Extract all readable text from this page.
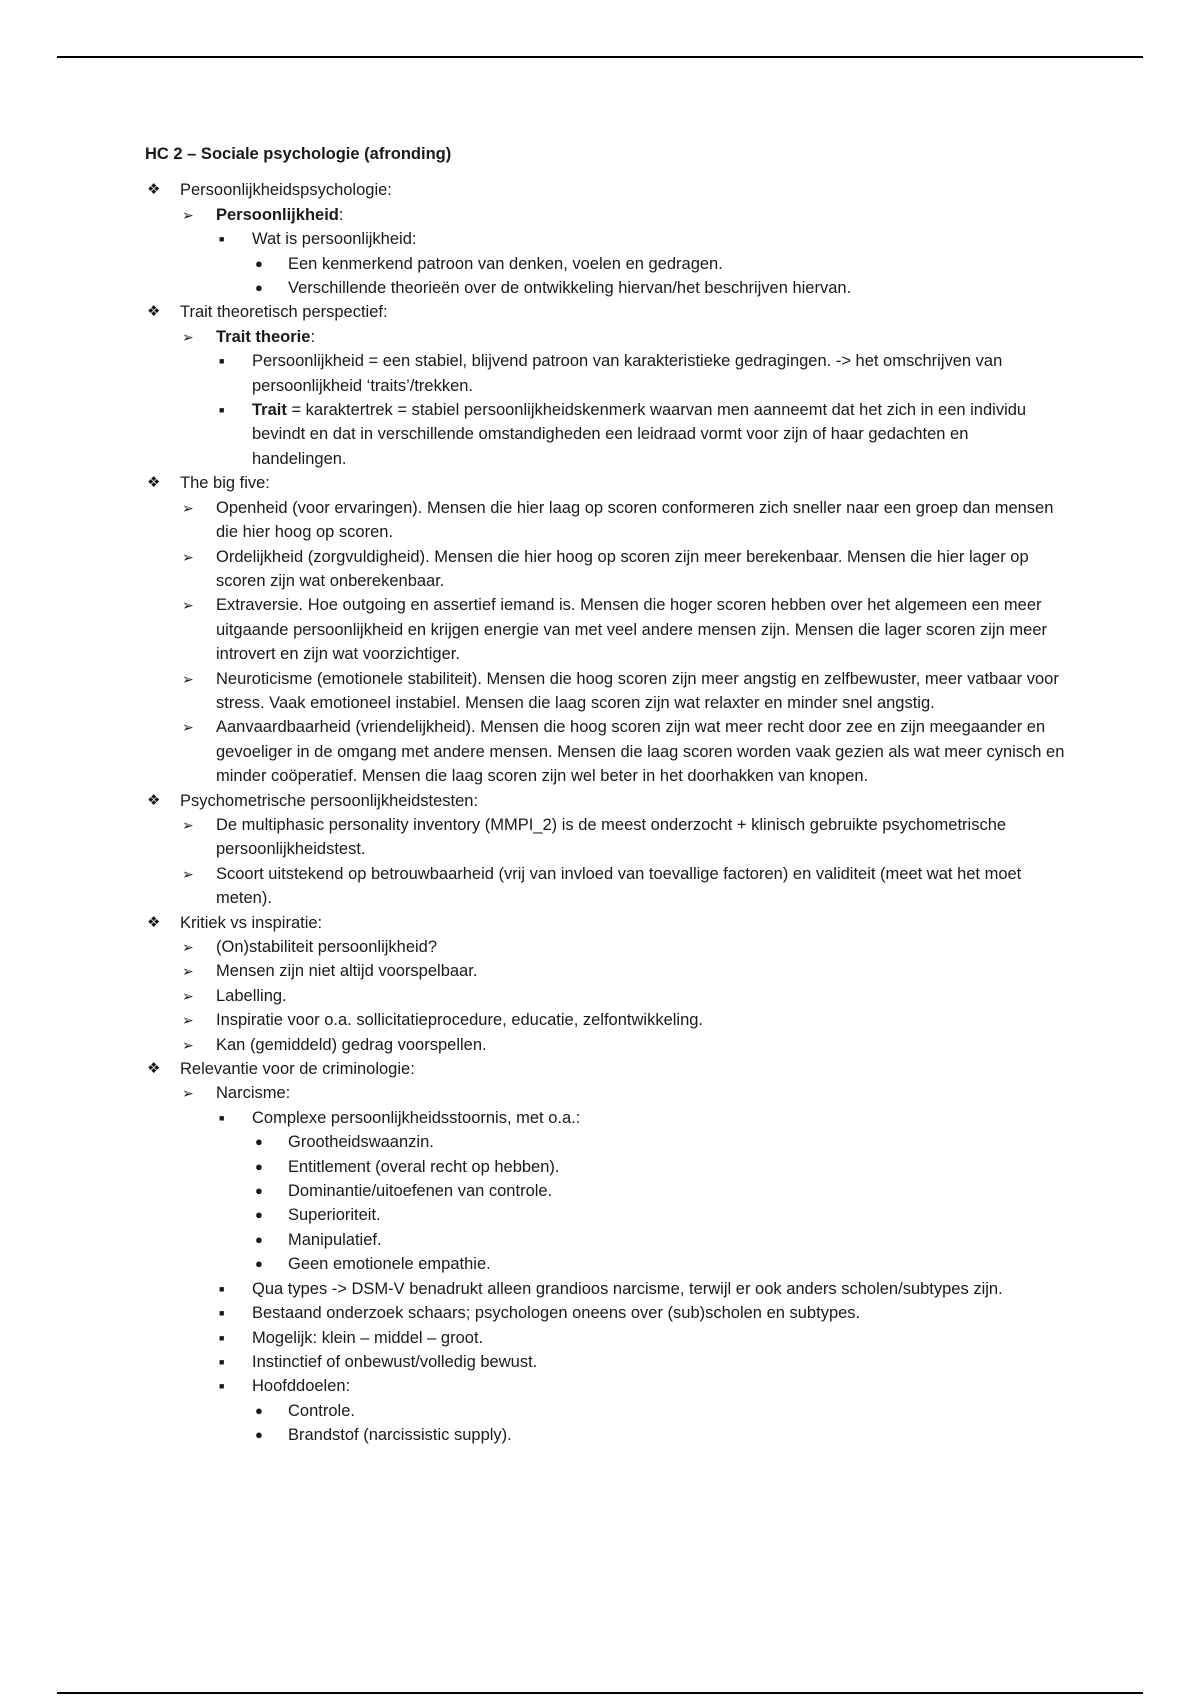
HC 2 – Sociale psychologie (afronding)
❖	Persoonlijkheidspsychologie:
➢	Persoonlijkheid:
■	Wat is persoonlijkheid:
●	Een kenmerkend patroon van denken, voelen en gedragen.
●	Verschillende theorieën over de ontwikkeling hiervan/het beschrijven hiervan.
❖	Trait theoretisch perspectief:
➢	Trait theorie:
■	Persoonlijkheid = een stabiel, blijvend patroon van karakteristieke gedragingen. -> het omschrijven van persoonlijkheid ‘traits’/trekken.
■	Trait = karaktertrek = stabiel persoonlijkheidskenmerk waarvan men aanneemt dat het zich in een individu bevindt en dat in verschillende omstandigheden een leidraad vormt voor zijn of haar gedachten en handelingen.
❖	The big five:
➢	Openheid (voor ervaringen). Mensen die hier laag op scoren conformeren zich sneller naar een groep dan mensen die hier hoog op scoren.
➢	Ordelijkheid (zorgvuldigheid). Mensen die hier hoog op scoren zijn meer berekenbaar. Mensen die hier lager op scoren zijn wat onberekenbaar.
➢	Extraversie. Hoe outgoing en assertief iemand is. Mensen die hoger scoren hebben over het algemeen een meer uitgaande persoonlijkheid en krijgen energie van met veel andere mensen zijn. Mensen die lager scoren zijn meer introvert en zijn wat voorzichtiger.
➢	Neuroticisme (emotionele stabiliteit). Mensen die hoog scoren zijn meer angstig en zelfbewuster, meer vatbaar voor stress. Vaak emotioneel instabiel. Mensen die laag scoren zijn wat relaxter en minder snel angstig.
➢	Aanvaardbaarheid (vriendelijkheid). Mensen die hoog scoren zijn wat meer recht door zee en zijn meegaander en gevoeliger in de omgang met andere mensen. Mensen die laag scoren worden vaak gezien als wat meer cynisch en minder coöperatief. Mensen die laag scoren zijn wel beter in het doorhakken van knopen.
❖	Psychometrische persoonlijkheidstesten:
➢	De multiphasic personality inventory (MMPI_2) is de meest onderzocht + klinisch gebruikte psychometrische persoonlijkheidstest.
➢	Scoort uitstekend op betrouwbaarheid (vrij van invloed van toevallige factoren) en validiteit (meet wat het moet meten).
❖	Kritiek vs inspiratie:
➢	(On)stabiliteit persoonlijkheid?
➢	Mensen zijn niet altijd voorspelbaar.
➢	Labelling.
➢	Inspiratie voor o.a. sollicitatieprocedure, educatie, zelfontwikkeling.
➢	Kan (gemiddeld) gedrag voorspellen.
❖	Relevantie voor de criminologie:
➢	Narcisme:
■	Complexe persoonlijkheidsstoornis, met o.a.:
●	Grootheidswaanzin.
●	Entitlement (overal recht op hebben).
●	Dominantie/uitoefenen van controle.
●	Superioriteit.
●	Manipulatief.
●	Geen emotionele empathie.
■	Qua types -> DSM-V benadrukt alleen grandioos narcisme, terwijl er ook anders scholen/subtypes zijn.
■	Bestaand onderzoek schaars; psychologen oneens over (sub)scholen en subtypes.
■	Mogelijk: klein – middel – groot.
■	Instinctief of onbewust/volledig bewust.
■	Hoofddoelen:
●	Controle.
●	Brandstof (narcissistic supply).
